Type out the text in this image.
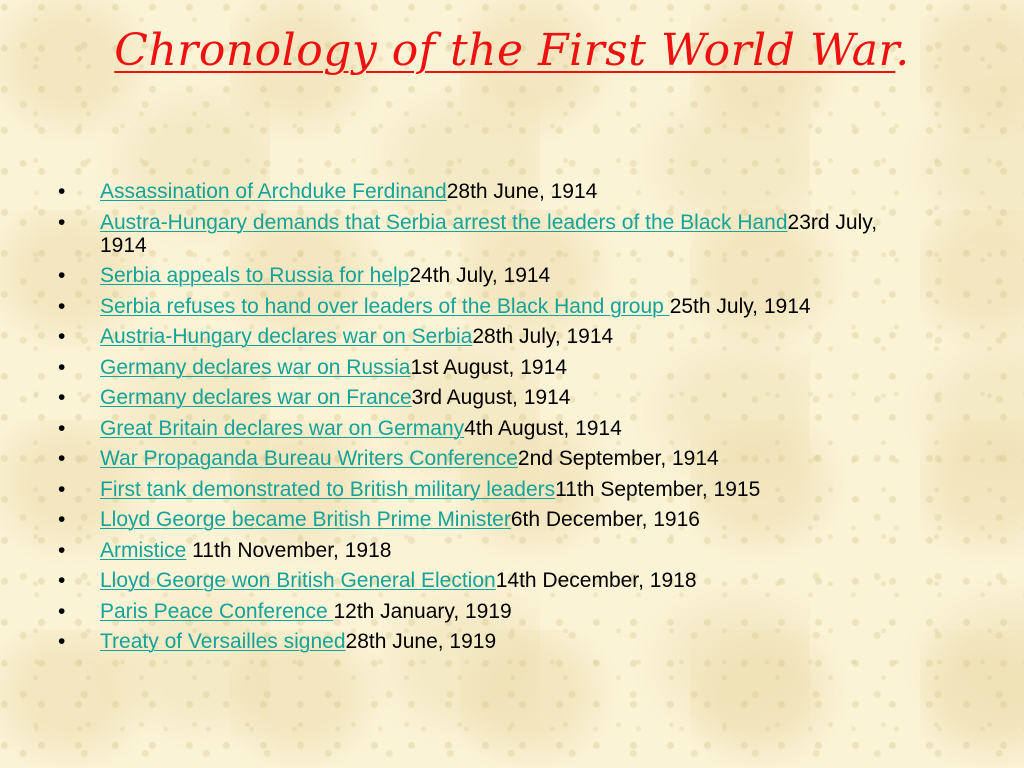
Chronology of the First World War.
• Assassination of Archduke Ferdinand28th June, 1914
• Austra-Hungary demands that Serbia arrest the leaders of the Black Hand23rd July, 1914
• Serbia appeals to Russia for help24th July, 1914
• Serbia refuses to hand over leaders of the Black Hand group 25th July, 1914
• Austria-Hungary declares war on Serbia28th July, 1914
• Germany declares war on Russia1st August, 1914
• Germany declares war on France3rd August, 1914
• Great Britain declares war on Germany4th August, 1914
• War Propaganda Bureau Writers Conference2nd September, 1914
• First tank demonstrated to British military leaders11th September, 1915
• Lloyd George became British Prime Minister6th December, 1916
• Armistice 11th November, 1918
• Lloyd George won British General Election14th December, 1918
• Paris Peace Conference 12th January, 1919
• Treaty of Versailles signed28th June, 1919
